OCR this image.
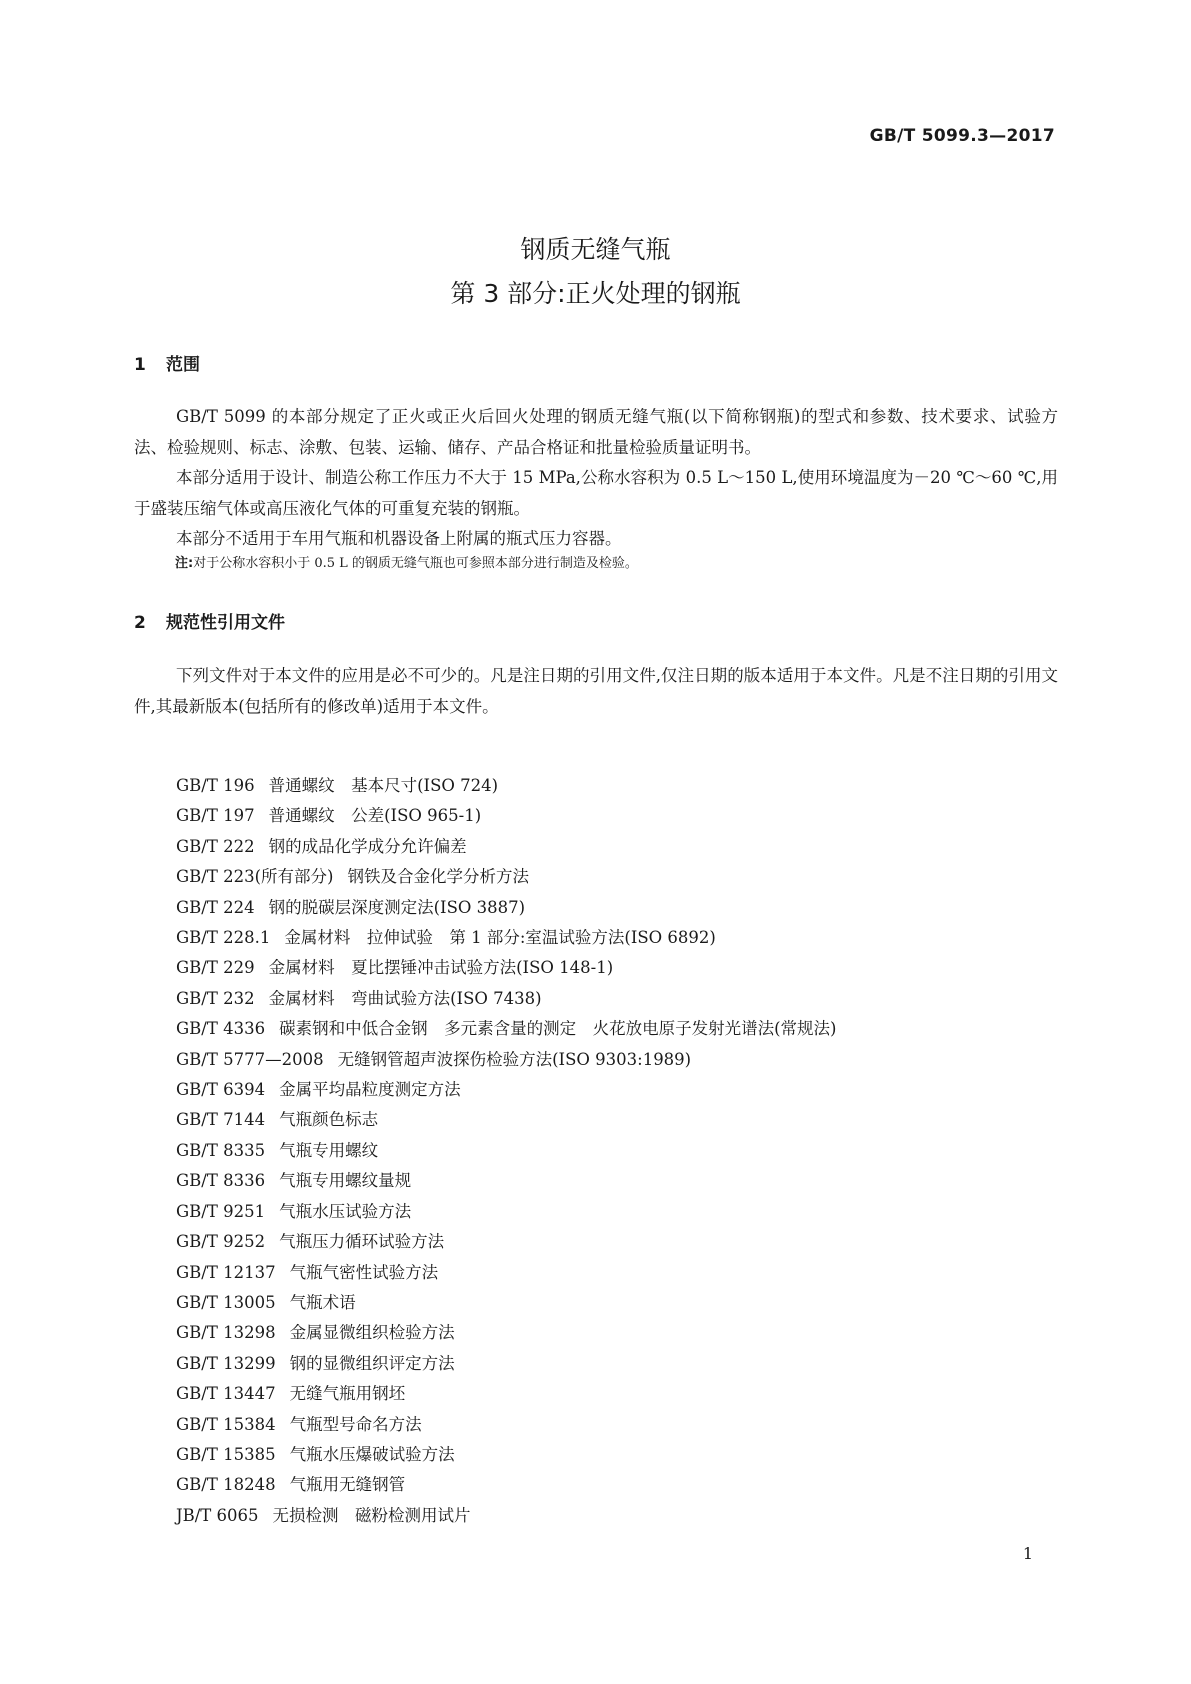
GB/T 5099.3—2017
钢质无缝气瓶
第 3 部分:正火处理的钢瓶
1 范围

GB/T 5099 的本部分规定了正火或正火后回火处理的钢质无缝气瓶(以下简称钢瓶)的型式和参数、技术要求、试验方法、检验规则、标志、涂敷、包装、运输、储存、产品合格证和批量检验质量证明书。

本部分适用于设计、制造公称工作压力不大于 15 MPa,公称水容积为 0.5 L～150 L,使用环境温度为－20 ℃～60 ℃,用于盛装压缩气体或高压液化气体的可重复充装的钢瓶。

本部分不适用于车用气瓶和机器设备上附属的瓶式压力容器。

注:对于公称水容积小于 0.5 L 的钢质无缝气瓶也可参照本部分进行制造及检验。
2 规范性引用文件

下列文件对于本文件的应用是必不可少的。凡是注日期的引用文件,仅注日期的版本适用于本文件。凡是不注日期的引用文件,其最新版本(包括所有的修改单)适用于本文件。

GB/T 196 普通螺纹　基本尺寸(ISO 724)
GB/T 197 普通螺纹　公差(ISO 965-1)
GB/T 222 钢的成品化学成分允许偏差
GB/T 223(所有部分) 钢铁及合金化学分析方法
GB/T 224 钢的脱碳层深度测定法(ISO 3887)
GB/T 228.1 金属材料　拉伸试验　第 1 部分:室温试验方法(ISO 6892)
GB/T 229 金属材料　夏比摆锤冲击试验方法(ISO 148-1)
GB/T 232 金属材料　弯曲试验方法(ISO 7438)
GB/T 4336 碳素钢和中低合金钢　多元素含量的测定　火花放电原子发射光谱法(常规法)
GB/T 5777—2008 无缝钢管超声波探伤检验方法(ISO 9303:1989)
GB/T 6394 金属平均晶粒度测定方法
GB/T 7144 气瓶颜色标志
GB/T 8335 气瓶专用螺纹
GB/T 8336 气瓶专用螺纹量规
GB/T 9251 气瓶水压试验方法
GB/T 9252 气瓶压力循环试验方法
GB/T 12137 气瓶气密性试验方法
GB/T 13005 气瓶术语
GB/T 13298 金属显微组织检验方法
GB/T 13299 钢的显微组织评定方法
GB/T 13447 无缝气瓶用钢坯
GB/T 15384 气瓶型号命名方法
GB/T 15385 气瓶水压爆破试验方法
GB/T 18248 气瓶用无缝钢管
JB/T 6065 无损检测　磁粉检测用试片
1
